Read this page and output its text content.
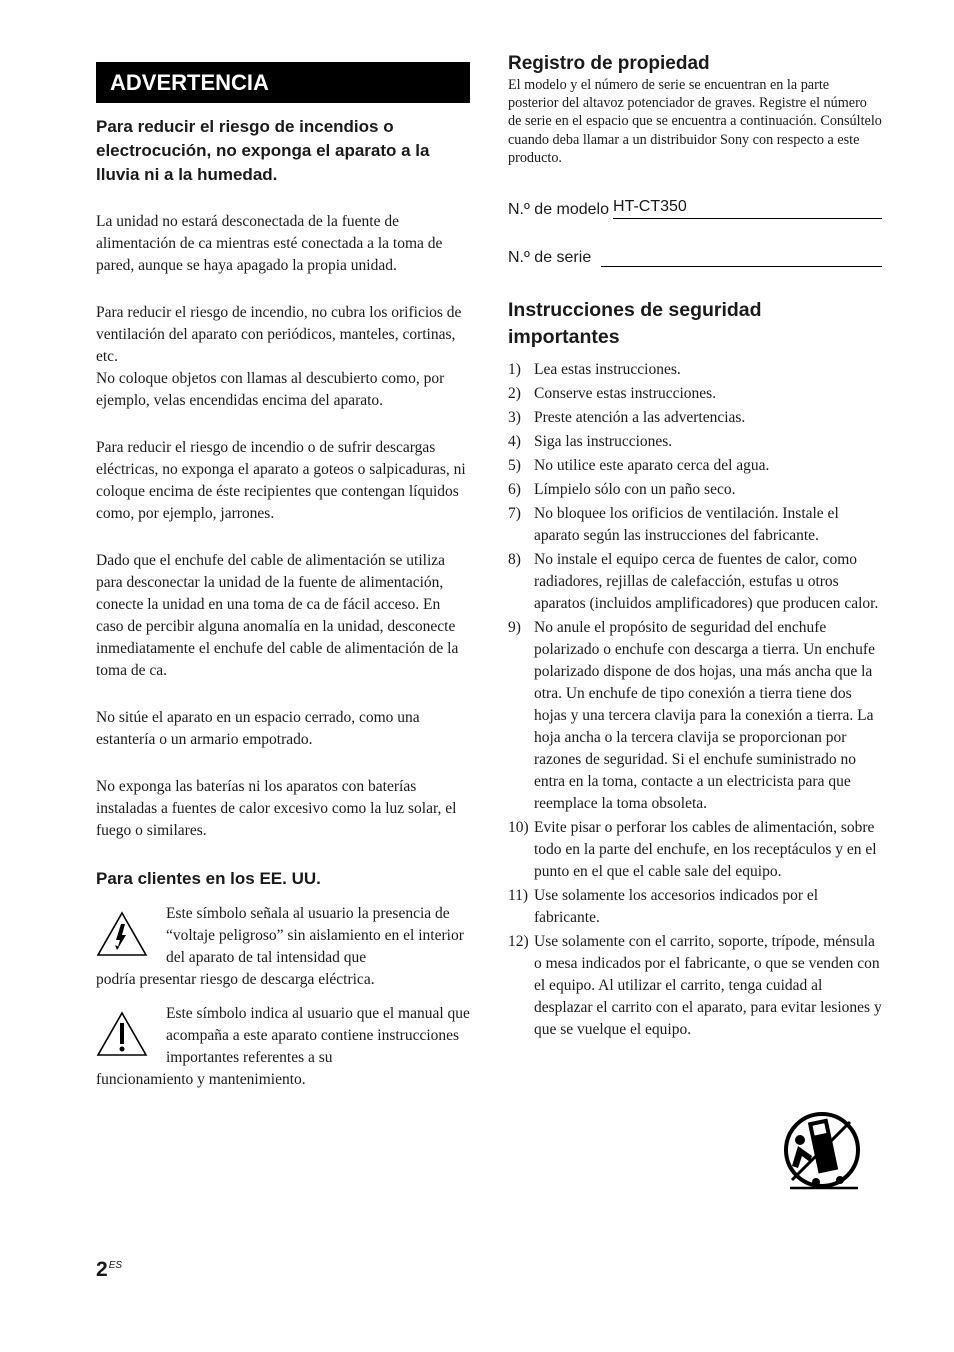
ADVERTENCIA
Para reducir el riesgo de incendios o electrocución, no exponga el aparato a la lluvia ni a la humedad.

La unidad no estará desconectada de la fuente de alimentación de ca mientras esté conectada a la toma de pared, aunque se haya apagado la propia unidad.

Para reducir el riesgo de incendio, no cubra los orificios de ventilación del aparato con periódicos, manteles, cortinas, etc.

No coloque objetos con llamas al descubierto como, por ejemplo, velas encendidas encima del aparato.

Para reducir el riesgo de incendio o de sufrir descargas eléctricas, no exponga el aparato a goteos o salpicaduras, ni coloque encima de éste recipientes que contengan líquidos como, por ejemplo, jarrones.

Dado que el enchufe del cable de alimentación se utiliza para desconectar la unidad de la fuente de alimentación, conecte la unidad en una toma de ca de fácil acceso. En caso de percibir alguna anomalía en la unidad, desconecte inmediatamente el enchufe del cable de alimentación de la toma de ca.

No sitúe el aparato en un espacio cerrado, como una estantería o un armario empotrado.

No exponga las baterías ni los aparatos con baterías instaladas a fuentes de calor excesivo como la luz solar, el fuego o similares.

Para clientes en los EE. UU.
Este símbolo señala al usuario la presencia de “voltaje peligroso” sin aislamiento en el interior del aparato de tal intensidad que
podría presentar riesgo de descarga eléctrica.
Este símbolo indica al usuario que el manual que acompaña a este aparato contiene instrucciones importantes referentes a su
funcionamiento y mantenimiento.
Registro de propiedad

El modelo y el número de serie se encuentran en la parte posterior del altavoz potenciador de graves. Registre el número de serie en el espacio que se encuentra a continuación. Consúltelo cuando deba llamar a un distribuidor Sony con respecto a este producto.

N.º de modelo HT-CT350
N.º de serie
Instrucciones de seguridad importantes
1) Lea estas instrucciones.
2) Conserve estas instrucciones.
3) Preste atención a las advertencias.
4) Siga las instrucciones.
5) No utilice este aparato cerca del agua.
6) Límpielo sólo con un paño seco.
7) No bloquee los orificios de ventilación. Instale el aparato según las instrucciones del fabricante.
8) No instale el equipo cerca de fuentes de calor, como radiadores, rejillas de calefacción, estufas u otros aparatos (incluidos amplificadores) que producen calor.
9) No anule el propósito de seguridad del enchufe polarizado o enchufe con descarga a tierra. Un enchufe polarizado dispone de dos hojas, una más ancha que la otra. Un enchufe de tipo conexión a tierra tiene dos hojas y una tercera clavija para la conexión a tierra. La hoja ancha o la tercera clavija se proporcionan por razones de seguridad. Si el enchufe suministrado no entra en la toma, contacte a un electricista para que reemplace la toma obsoleta.
10) Evite pisar o perforar los cables de alimentación, sobre todo en la parte del enchufe, en los receptáculos y en el punto en el que el cable sale del equipo.
11) Use solamente los accesorios indicados por el fabricante.
12) Use solamente con el carrito, soporte, trípode, ménsula o mesa indicados por el fabricante, o que se venden con el equipo. Al utilizar el carrito, tenga cuidad al desplazar el carrito con el aparato, para evitar lesiones y que se vuelque el equipo.
$2^{ES}$
